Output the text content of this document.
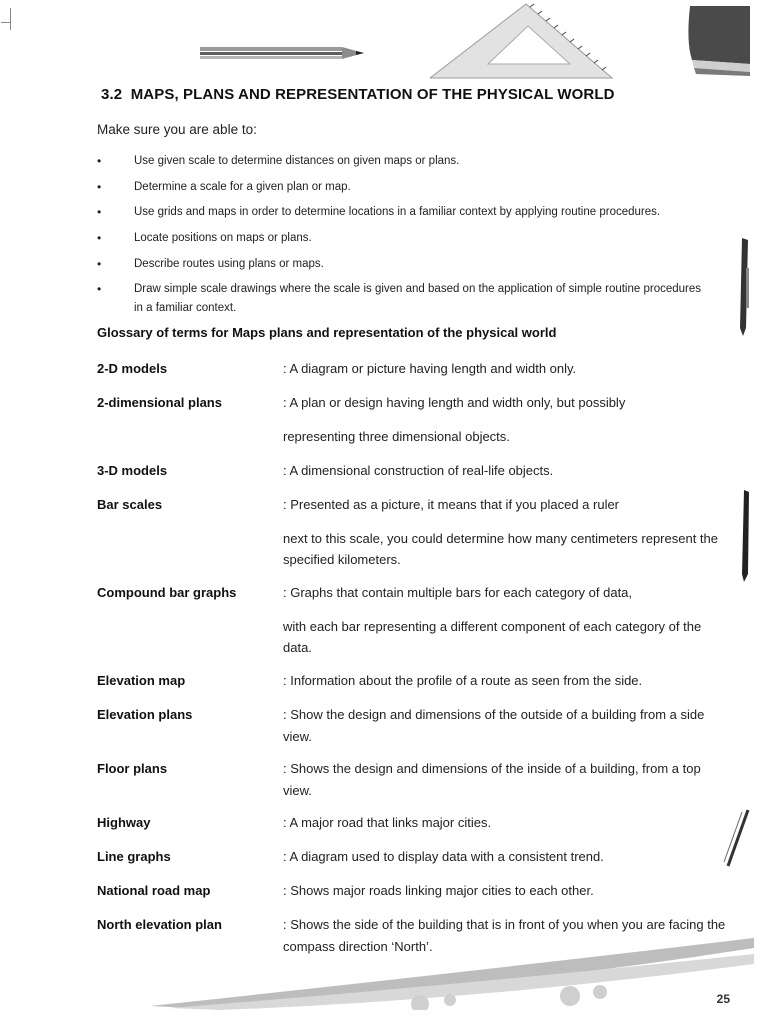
3.2 MAPS, PLANS AND REPRESENTATION OF THE PHYSICAL WORLD

Make sure you are able to:

• Use given scale to determine distances on given maps or plans.
• Determine a scale for a given plan or map.
• Use grids and maps in order to determine locations in a familiar context by applying routine procedures.
• Locate positions on maps or plans.
• Describe routes using plans or maps.
• Draw simple scale drawings where the scale is given and based on the application of simple routine procedures in a familiar context.
Glossary of terms for Maps plans and representation of the physical world
2-D models	: A diagram or picture having length and width only.

2-dimensional plans	: A plan or design having length and width only, but possibly

representing three dimensional objects.

3-D models	: A dimensional construction of real-life objects.

Bar scales	: Presented as a picture, it means that if you placed a ruler

next to this scale, you could determine how many centimeters represent the specified kilometers.

Compound bar graphs	: Graphs that contain multiple bars for each category of data,

with each bar representing a different component of each category of the data.

Elevation map	: Information about the profile of a route as seen from the side.

Elevation plans	: Show the design and dimensions of the outside of a building from a side view.

Floor plans	: Shows the design and dimensions of the inside of a building, from a top view.

Highway	: A major road that links major cities.

Line graphs	: A diagram used to display data with a consistent trend.

National road map	: Shows major roads linking major cities to each other.

North elevation plan	: Shows the side of the building that is in front of you when you are facing the compass direction ‘North’.

25
